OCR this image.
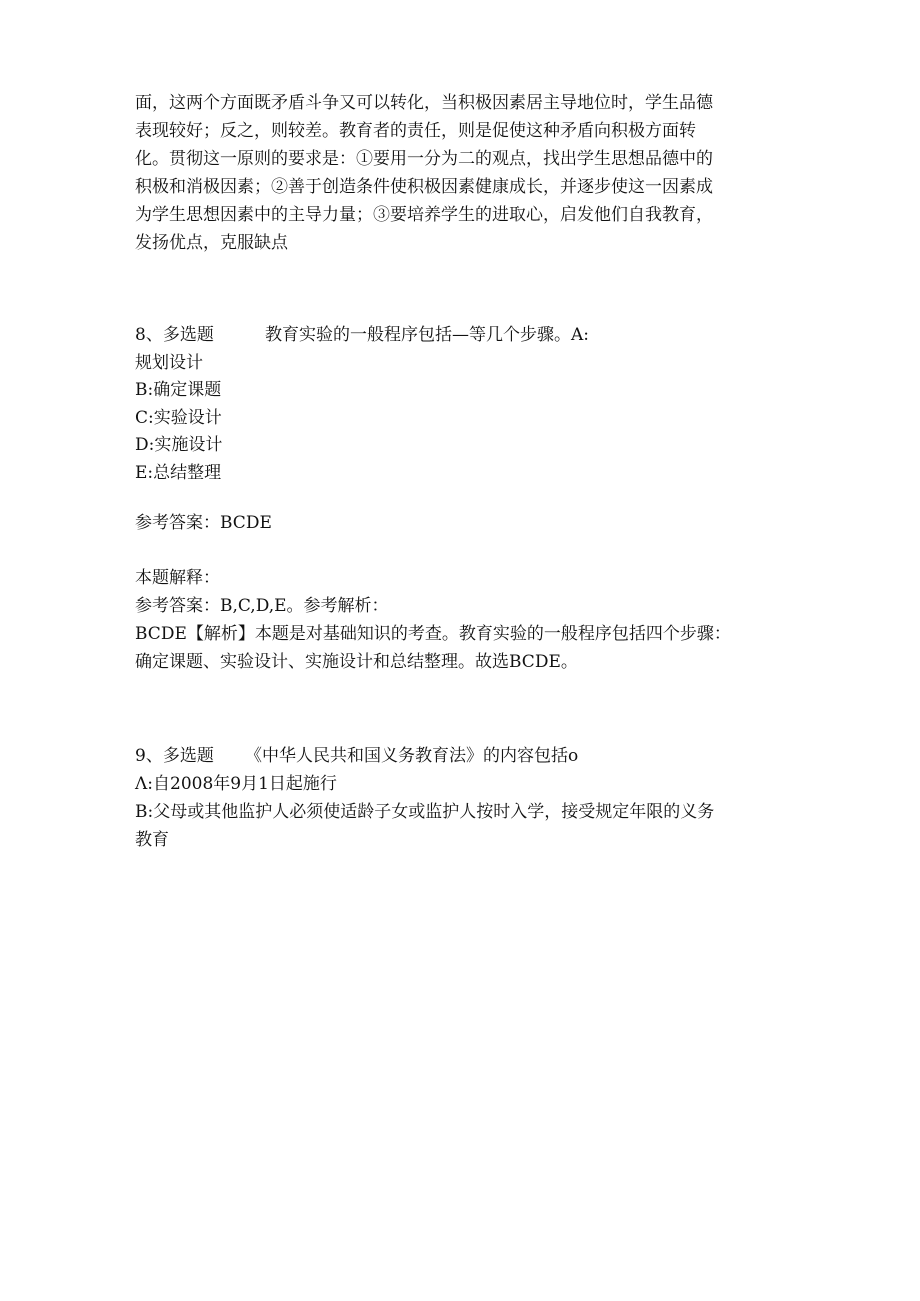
面，这两个方面既矛盾斗争又可以转化，当积极因素居主导地位时，学生品德
表现较好；反之，则较差。教育者的责任，则是促使这种矛盾向积极方面转
化。贯彻这一原则的要求是：①要用一分为二的观点，找出学生思想品德中的
积极和消极因素；②善于创造条件使积极因素健康成长，并逐步使这一因素成
为学生思想因素中的主导力量；③要培养学生的进取心，启发他们自我教育，
发扬优点，克服缺点
8、多选题	教育实验的一般程序包括—等几个步骤。A:
规划设计
B:确定课题
C:实验设计
D:实施设计
E:总结整理
参考答案：BCDE
本题解释：
参考答案：B,C,D,E。参考解析：
BCDE【解析】本题是对基础知识的考查。教育实验的一般程序包括四个步骤：
确定课题、实验设计、实施设计和总结整理。故选BCDE。
9、多选题 《中华人民共和国义务教育法》的内容包括o
Λ:自2008年9月1日起施行
B:父母或其他监护人必须使适龄子女或监护人按时入学，接受规定年限的义务
教育
